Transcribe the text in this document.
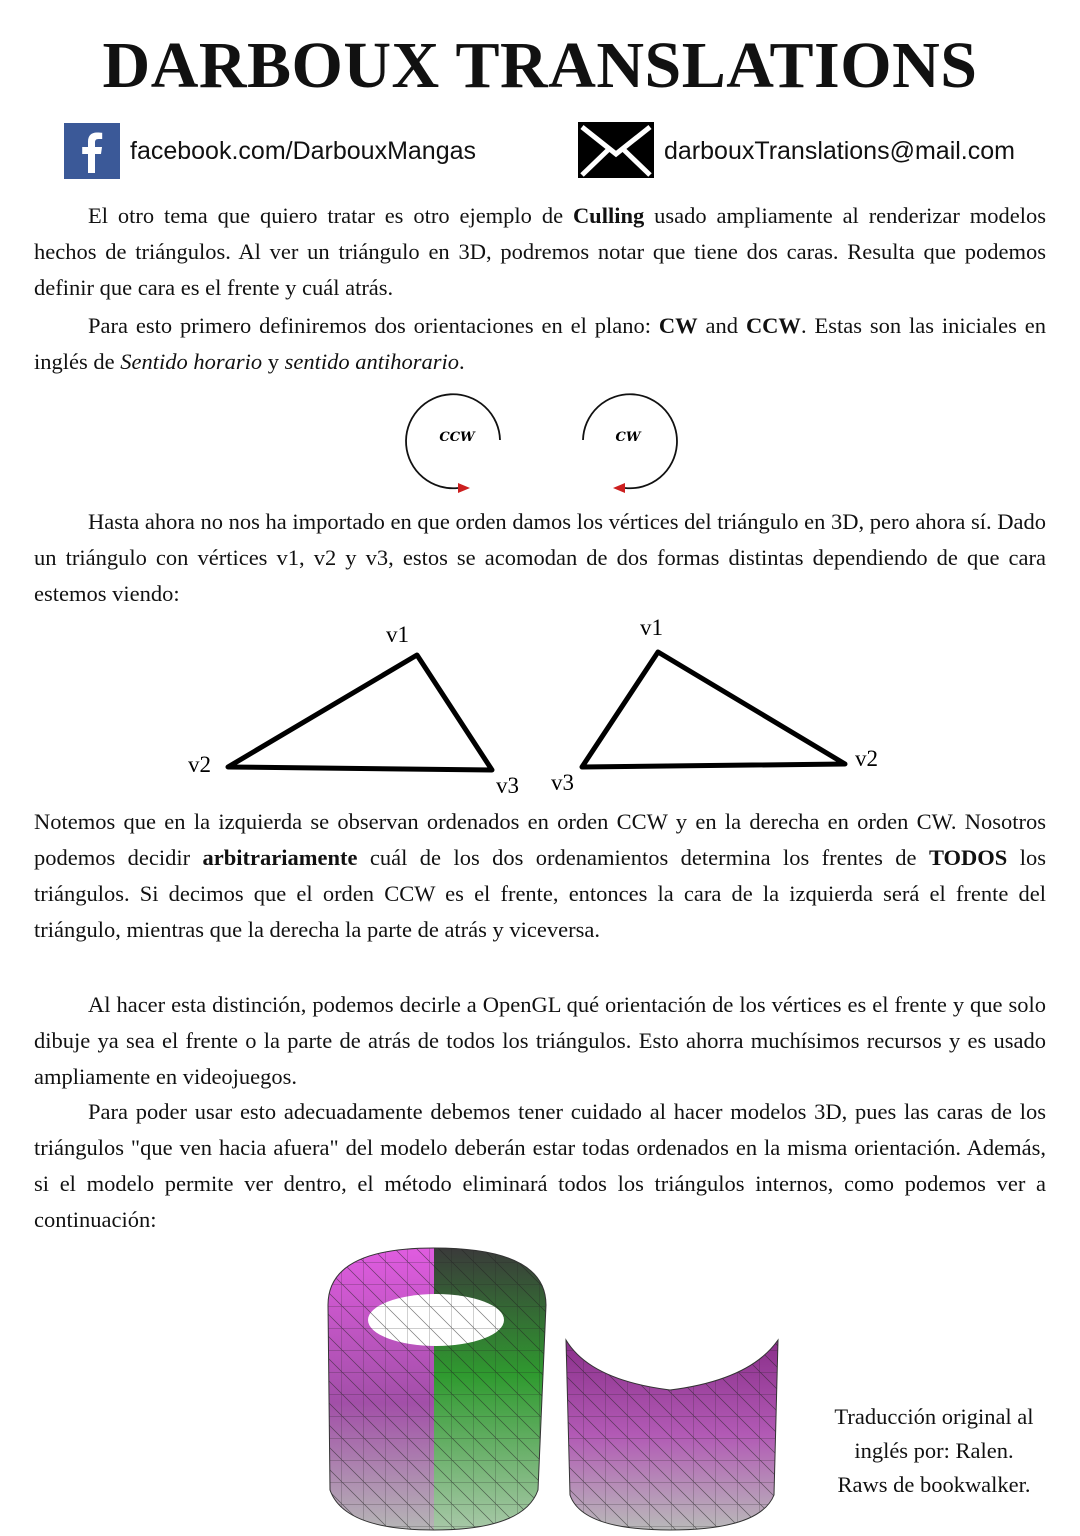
DARBOUX TRANSLATIONS
facebook.com/DarbouxMangas	darbouxTranslations@mail.com

El otro tema que quiero tratar es otro ejemplo de Culling usado ampliamente al renderizar modelos hechos de triángulos. Al ver un triángulo en 3D, podremos notar que tiene dos caras. Resulta que podemos definir que cara es el frente y cuál atrás.

Para esto primero definiremos dos orientaciones en el plano: CW and CCW. Estas son las iniciales en inglés de Sentido horario y sentido antihorario.

CCW	CW

Hasta ahora no nos ha importado en que orden damos los vértices del triángulo en 3D, pero ahora sí. Dado un triángulo con vértices v1, v2 y v3, estos se acomodan de dos formas distintas dependiendo de que cara estemos viendo:

v1
v2
v3
v1
v2
v3

Notemos que en la izquierda se observan ordenados en orden CCW y en la derecha en orden CW. Nosotros podemos decidir arbitrariamente cuál de los dos ordenamientos determina los frentes de TODOS los triángulos. Si decimos que el orden CCW es el frente, entonces la cara de la izquierda será el frente del triángulo, mientras que la derecha la parte de atrás y viceversa.

Al hacer esta distinción, podemos decirle a OpenGL qué orientación de los vértices es el frente y que solo dibuje ya sea el frente o la parte de atrás de todos los triángulos. Esto ahorra muchísimos recursos y es usado ampliamente en videojuegos.

Para poder usar esto adecuadamente debemos tener cuidado al hacer modelos 3D, pues las caras de los triángulos "que ven hacia afuera" del modelo deberán estar todas ordenados en la misma orientación. Además, si el modelo permite ver dentro, el método eliminará todos los triángulos internos, como podemos ver a continuación:

Traducción original al
inglés por: Ralen.
Raws de bookwalker.
